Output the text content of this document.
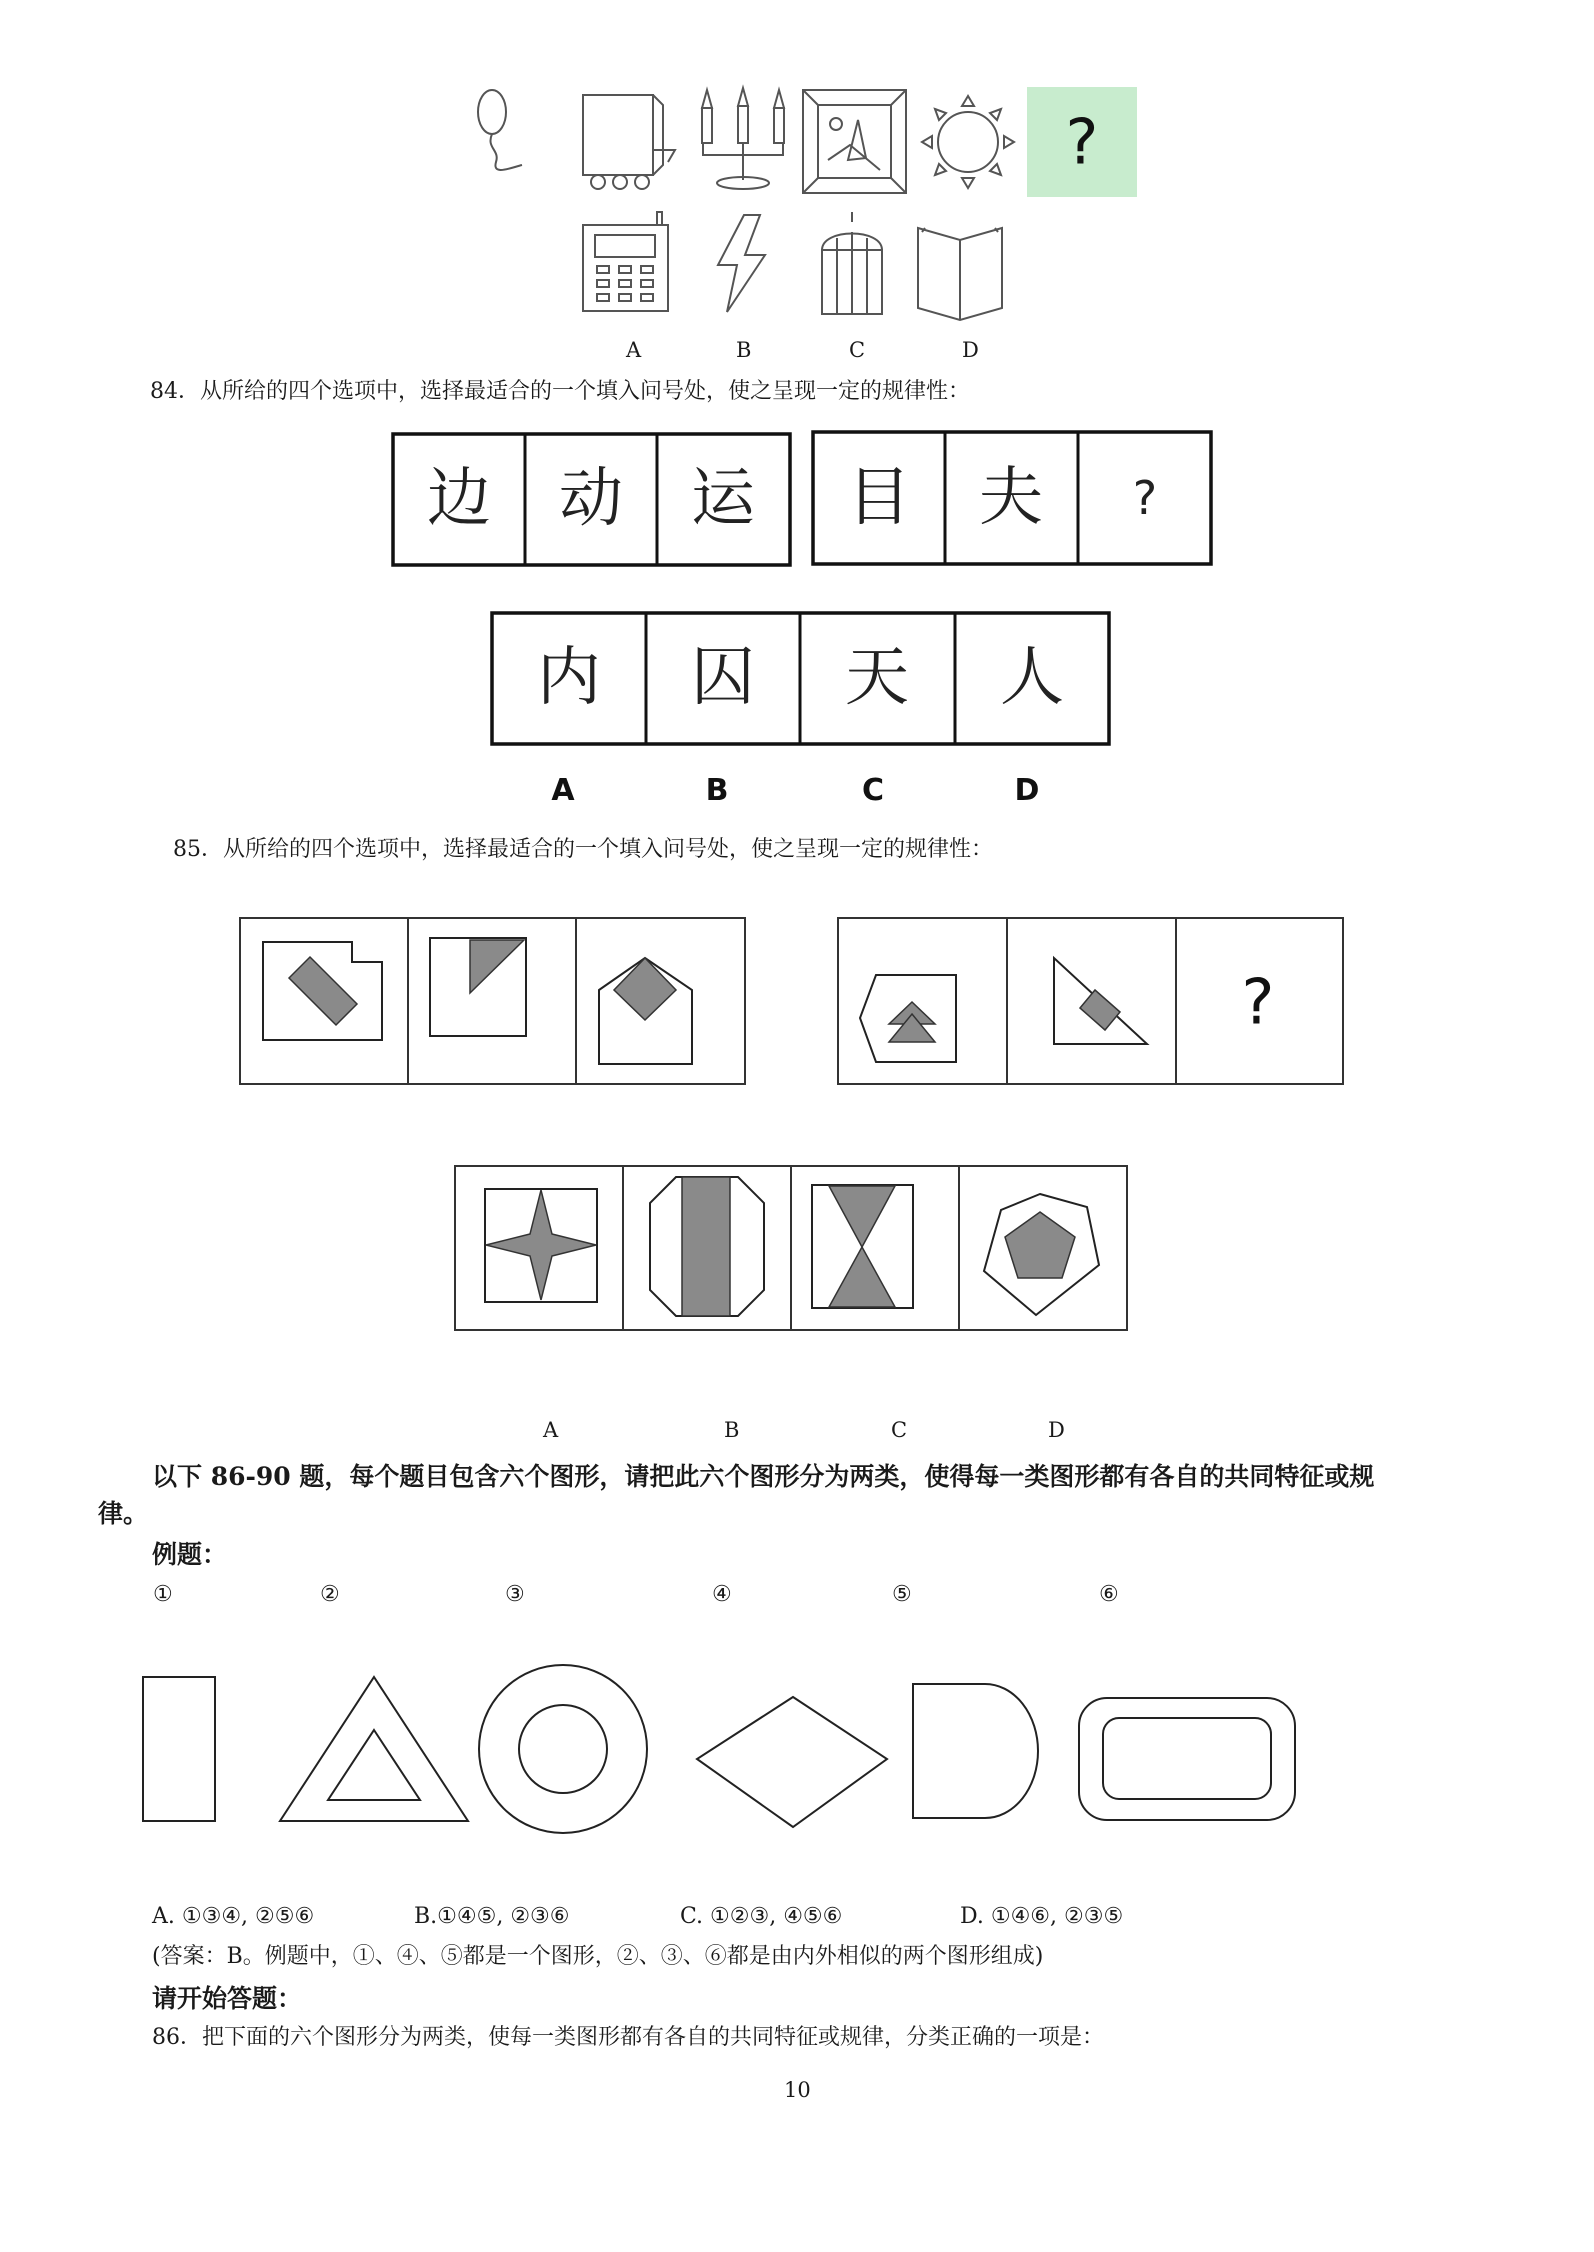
?
边 动 运 目 夫 ?
内 囚 天 人
A	B	C	D
?
A	B	C	D
84．从所给的四个选项中，选择最适合的一个填入问号处，使之呈现一定的规律性：
85．从所给的四个选项中，选择最适合的一个填入问号处，使之呈现一定的规律性：
A	B	C	D
以下 86-90 题，每个题目包含六个图形，请把此六个图形分为两类，使得每一类图形都有各自的共同特征或规
律。
例题：
①	②	③	④	⑤	⑥
A. ①③④, ②⑤⑥	B.①④⑤, ②③⑥	C. ①②③, ④⑤⑥	D. ①④⑥, ②③⑤
(答案：B。例题中，①、④、⑤都是一个图形，②、③、⑥都是由内外相似的两个图形组成)
请开始答题：
86．把下面的六个图形分为两类，使每一类图形都有各自的共同特征或规律，分类正确的一项是：
10
